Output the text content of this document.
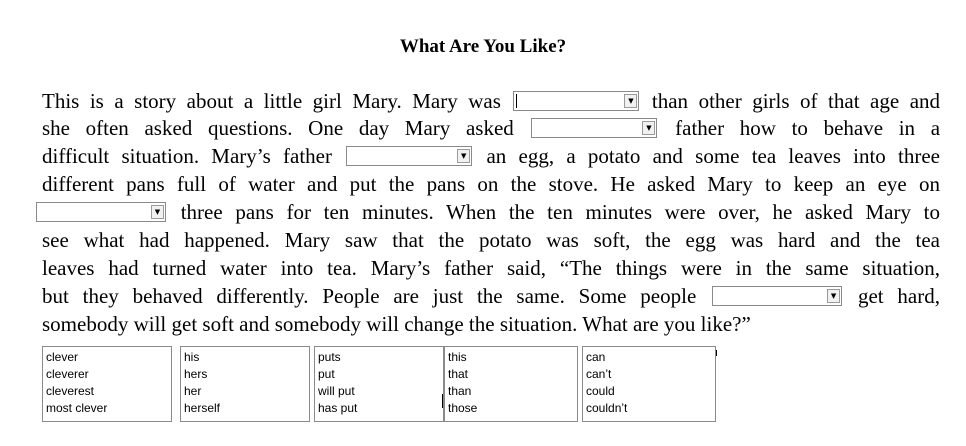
What Are You Like?
This is a story about a little girl Mary. Mary was	▼ than other girls of that age and
she often asked questions. One day Mary asked	▼ father how to behave in a
difficult situation. Mary’s father	▼ an egg, a potato and some tea leaves into three
different pans full of water and put the pans on the stove. He asked Mary to keep an eye on
▼ three pans for ten minutes. When the ten minutes were over, he asked Mary to
see what had happened. Mary saw that the potato was soft, the egg was hard and the tea
leaves had turned water into tea. Mary’s father said, “The things were in the same situation,
but they behaved differently. People are just the same. Some people	▼ get hard,
somebody will get soft and somebody will change the situation. What are you like?”
clever
cleverer
cleverest
most clever
his
hers
her
herself
puts
put
will put
has put
this
that
than
those
can
can’t
could
couldn’t
